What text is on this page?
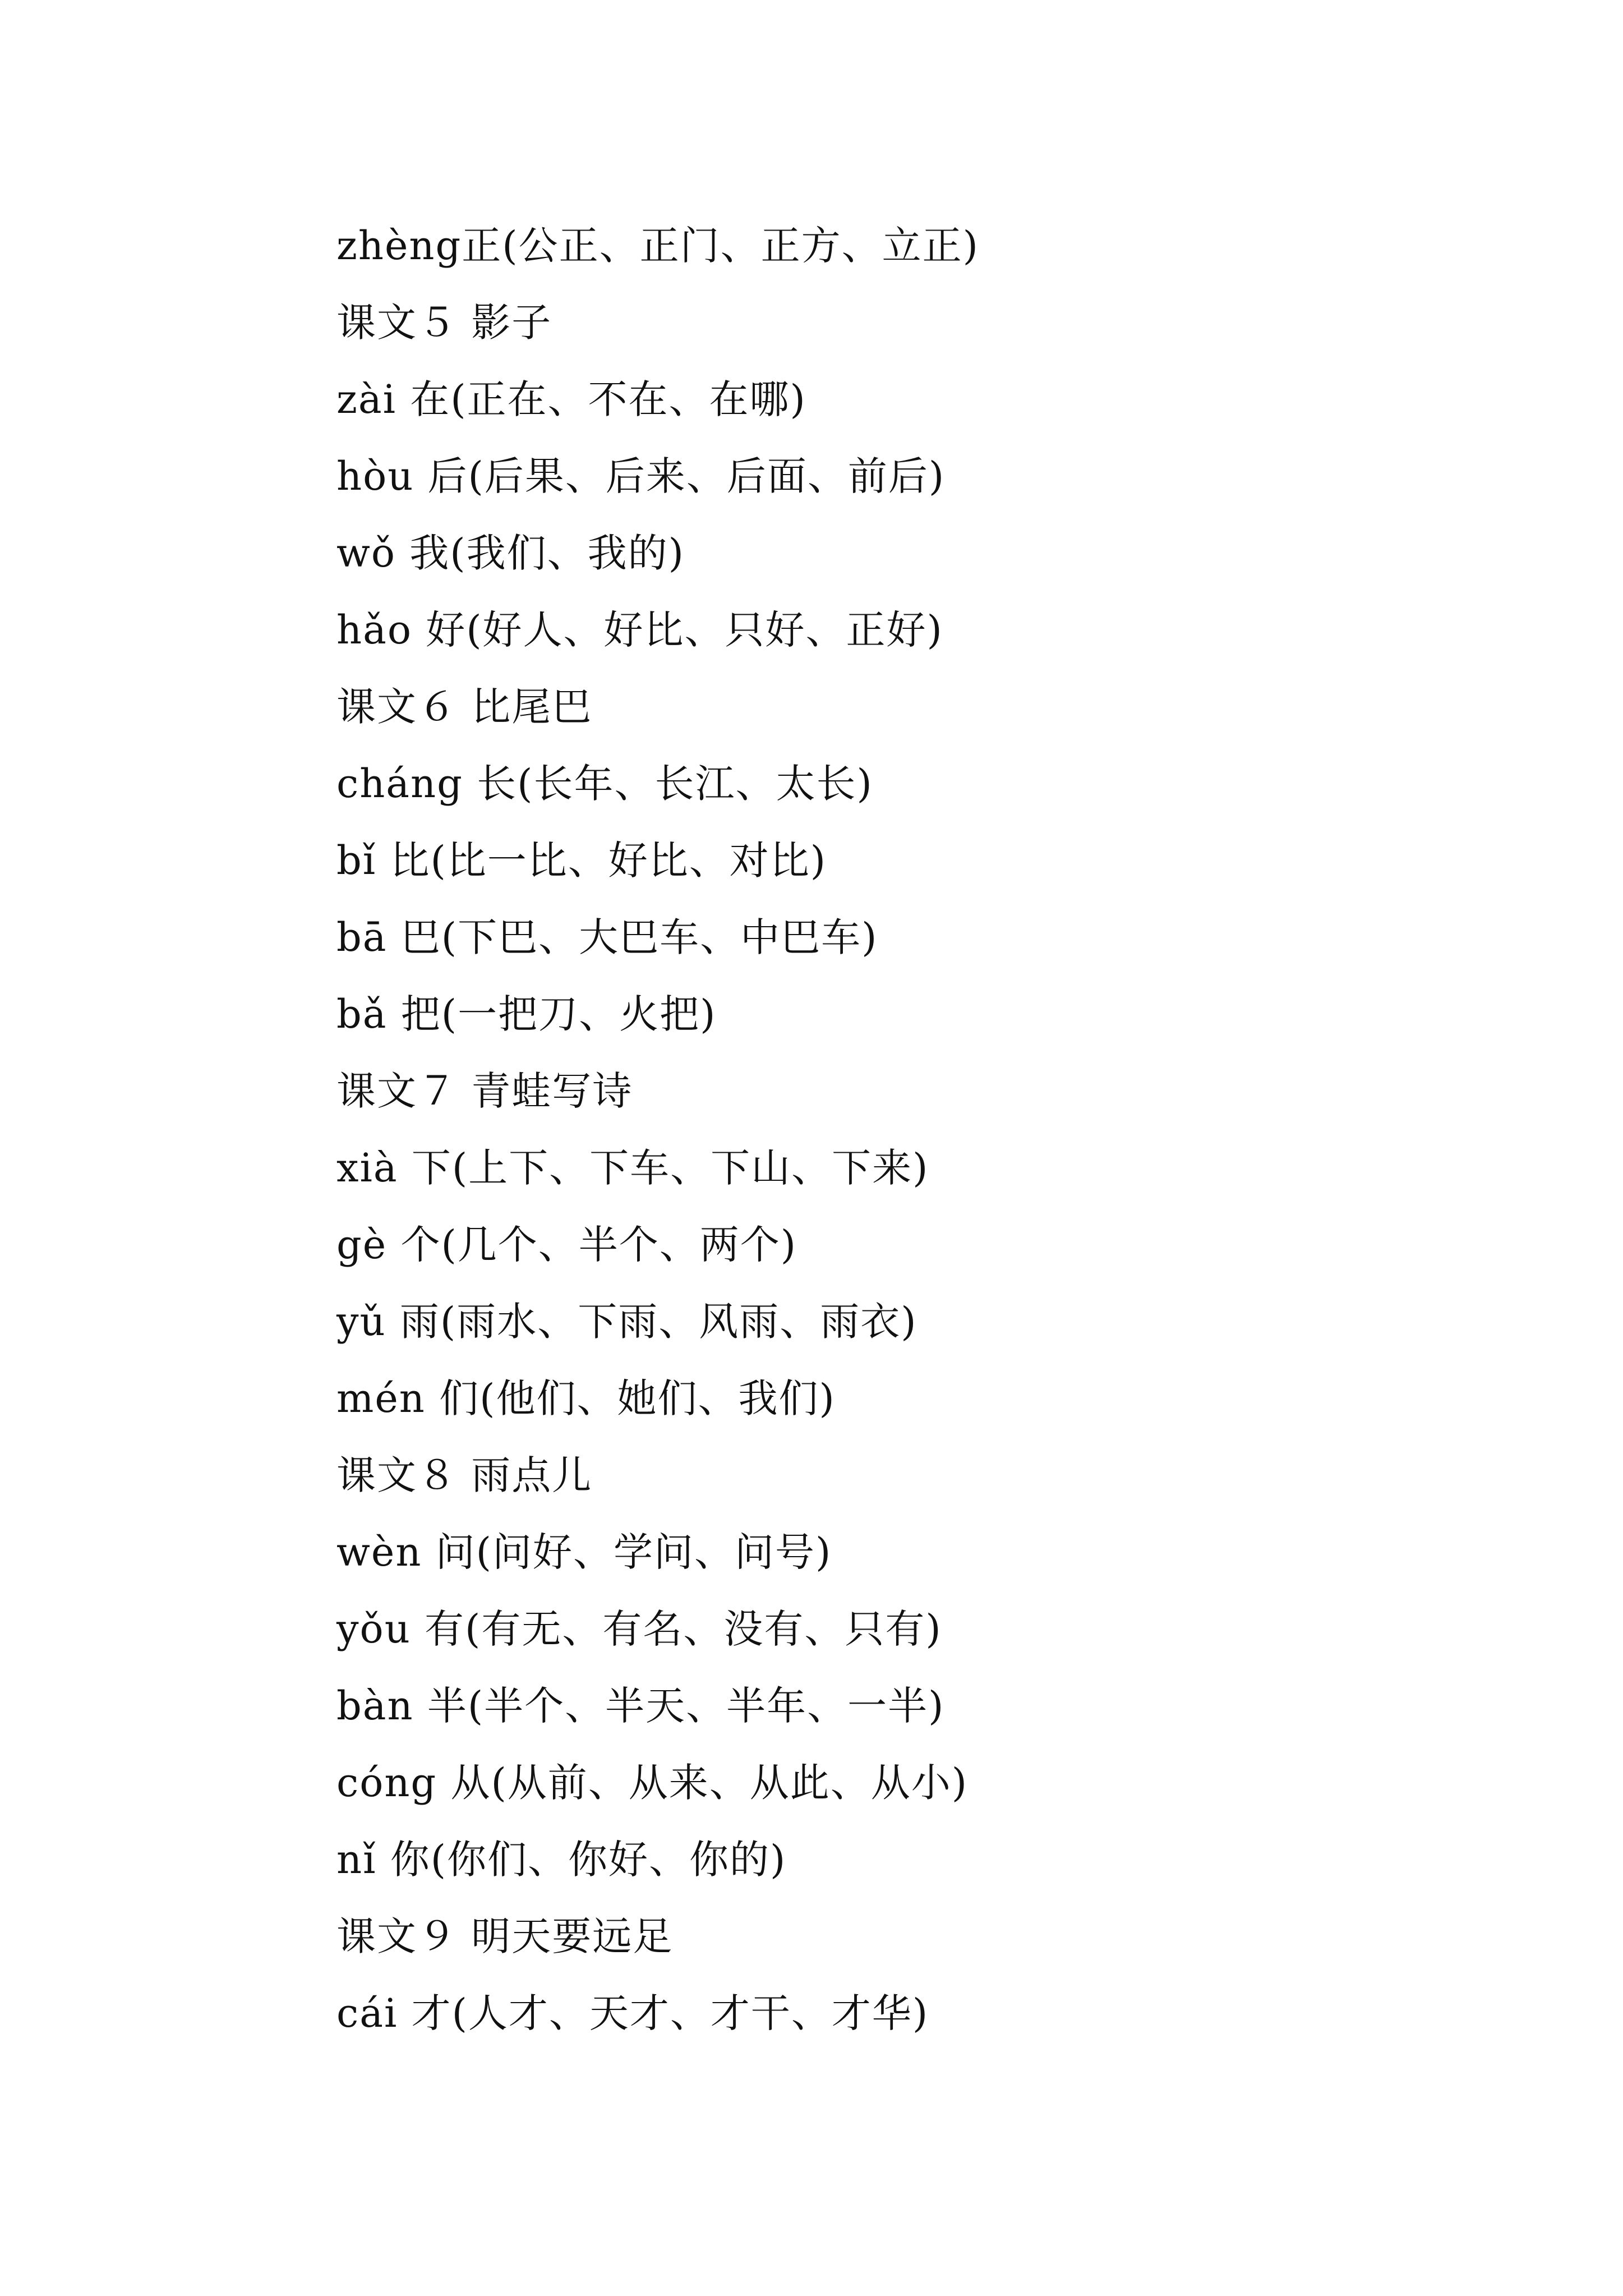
zhèng正(公正、正门、正方、立正)
课文５ 影子
zài 在(正在、不在、在哪)
hòu 后(后果、后来、后面、前后)
wǒ 我(我们、我的)
hǎo 好(好人、好比、只好、正好)
课文６ 比尾巴
cháng 长(长年、长江、太长)
bǐ 比(比一比、好比、对比)
bā 巴(下巴、大巴车、中巴车)
bǎ 把(一把刀、火把)
课文７ 青蛙写诗
xià 下(上下、下车、下山、下来)
gè 个(几个、半个、两个)
yǔ 雨(雨水、下雨、风雨、雨衣)
mén 们(他们、她们、我们)
课文８ 雨点儿
wèn 问(问好、学问、问号)
yǒu 有(有无、有名、没有、只有)
bàn 半(半个、半天、半年、一半)
cóng 从(从前、从来、从此、从小)
nǐ 你(你们、你好、你的)
课文９ 明天要远足
cái 才(人才、天才、才干、才华)
